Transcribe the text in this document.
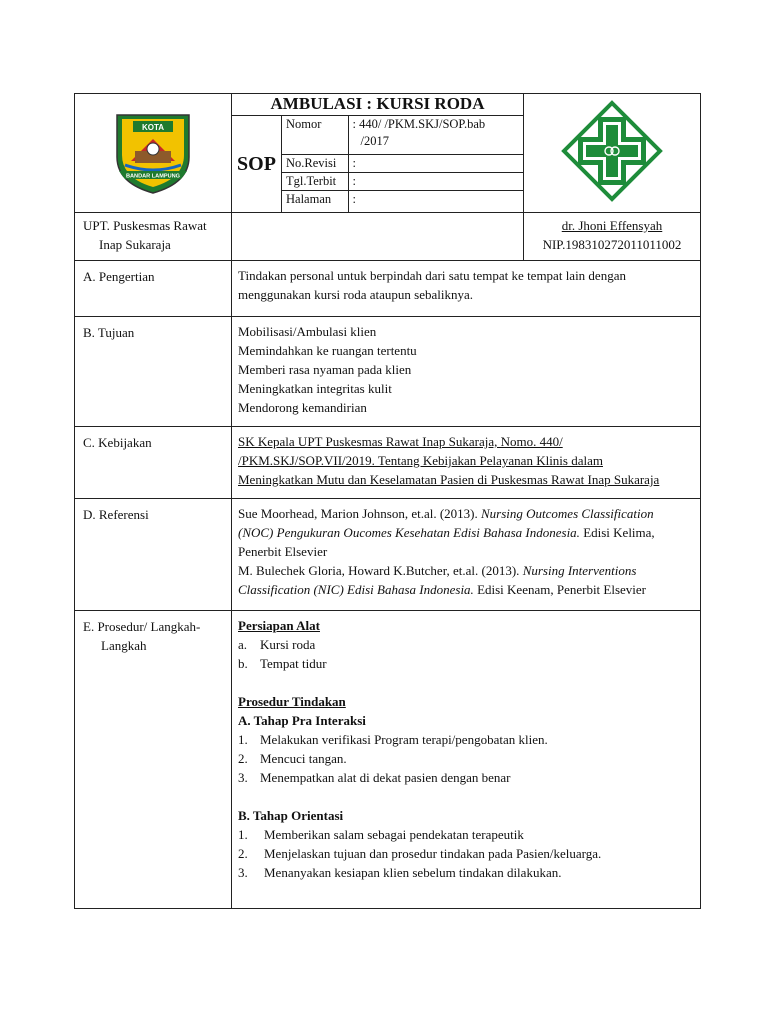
KOTA
BANDAR LAMPUNG
	AMBULASI : KURSI RODA	
SOP	
Nomor	: 440/ /PKM.SKJ/SOP.bab
/2017

No.Revisi	:
Tgl.Terbit	:
Halaman	:

UPT. Puskesmas Rawat
Inap Sukaraja

dr. Jhoni Effensyah
NIP.198310272011011002

A. Pengertian	Tindakan personal untuk berpindah dari satu tempat ke tempat lain dengan
menggunakan kursi roda ataupun sebaliknya.

B. Tujuan	Mobilisasi/Ambulasi klien
Memindahkan ke ruangan tertentu
Memberi rasa nyaman pada klien
Meningkatkan integritas kulit
Mendorong kemandirian

C. Kebijakan	SK Kepala UPT Puskesmas Rawat Inap Sukaraja, Nomo. 440/
/PKM.SKJ/SOP.VII/2019. Tentang Kebijakan Pelayanan Klinis dalam
Meningkatkan Mutu dan Keselamatan Pasien di Puskesmas Rawat Inap Sukaraja

D. Referensi	Sue Moorhead, Marion Johnson, et.al. (2013). Nursing Outcomes Classification
(NOC) Pengukuran Oucomes Kesehatan Edisi Bahasa Indonesia. Edisi Kelima,
Penerbit Elsevier
M. Bulechek Gloria, Howard K.Butcher, et.al. (2013). Nursing Interventions
Classification (NIC) Edisi Bahasa Indonesia. Edisi Keenam, Penerbit Elsevier

E. Prosedur/ Langkah-
Langkah

Persiapan Alat
a. Kursi roda
b. Tempat tidur

Prosedur Tindakan
A. Tahap Pra Interaksi
1. Melakukan verifikasi Program terapi/pengobatan klien.
2. Mencuci tangan.
3. Menempatkan alat di dekat pasien dengan benar

B. Tahap Orientasi
1.	Memberikan salam sebagai pendekatan terapeutik
2.	Menjelaskan tujuan dan prosedur tindakan pada Pasien/keluarga.
3.	Menanyakan kesiapan klien sebelum tindakan dilakukan.
